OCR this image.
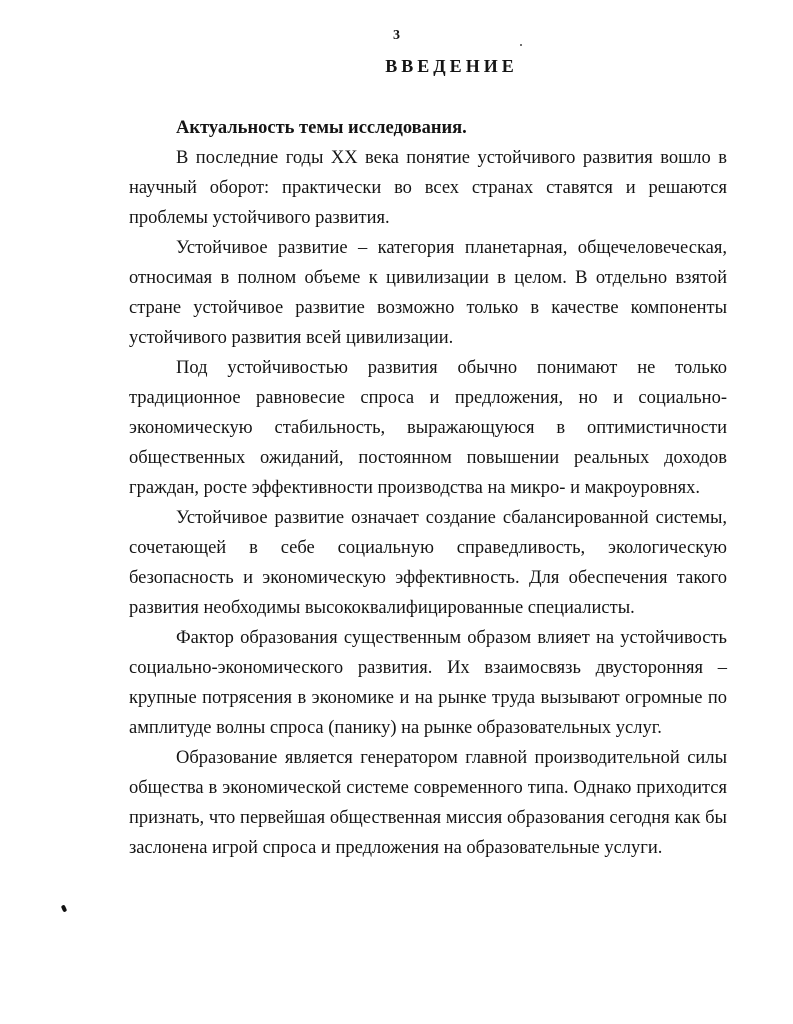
3
ВВЕДЕНИЕ

Актуальность темы исследования.

В последние годы XX века понятие устойчивого развития вошло в научный оборот: практически во всех странах ставятся и решаются проблемы устойчивого развития.

Устойчивое развитие – категория планетарная, общечеловеческая, относимая в полном объеме к цивилизации в целом. В отдельно взятой стране устойчивое развитие возможно только в качестве компоненты устойчивого развития всей цивилизации.

Под устойчивостью развития обычно понимают не только традиционное равновесие спроса и предложения, но и социально-экономическую стабильность, выражающуюся в оптимистичности общественных ожиданий, постоянном повышении реальных доходов граждан, росте эффективности производства на микро- и макроуровнях.

Устойчивое развитие означает создание сбалансированной системы, сочетающей в себе социальную справедливость, экологическую безопасность и экономическую эффективность. Для обеспечения такого развития необходимы высококвалифицированные специалисты.

Фактор образования существенным образом влияет на устойчивость социально-экономического развития. Их взаимосвязь двусторонняя – крупные потрясения в экономике и на рынке труда вызывают огромные по амплитуде волны спроса (панику) на рынке образовательных услуг.

Образование является генератором главной производительной силы общества в экономической системе современного типа. Однако приходится признать, что первейшая общественная миссия образования сегодня как бы заслонена игрой спроса и предложения на образовательные услуги.
